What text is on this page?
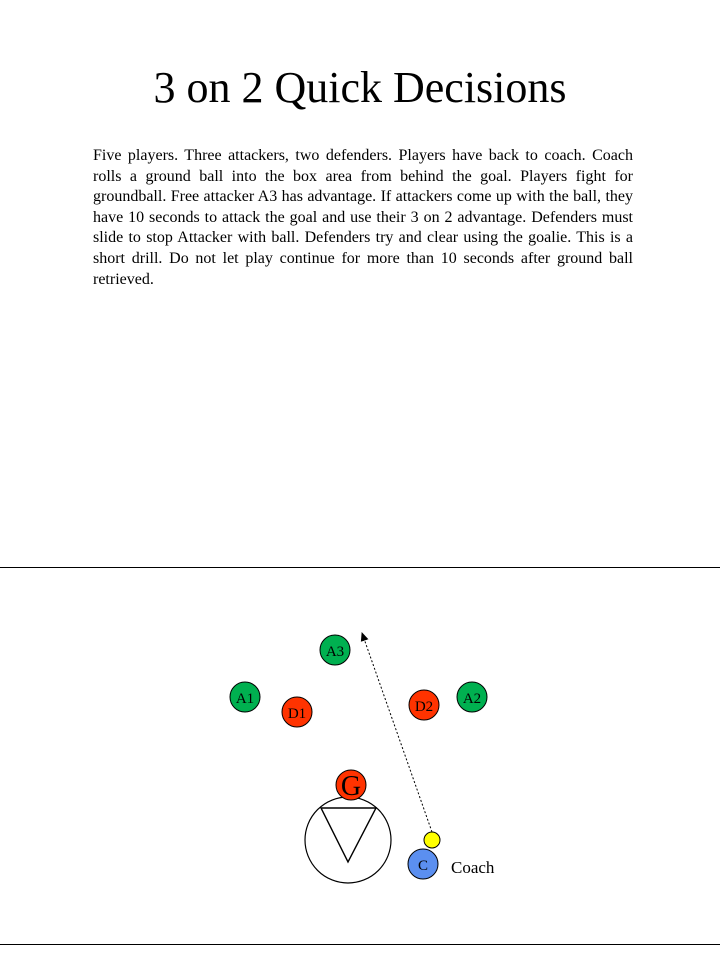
3 on 2 Quick Decisions

Five players. Three attackers, two defenders. Players have back to coach. Coach rolls a ground ball into the box area from behind the goal. Players fight for groundball. Free attacker A3 has advantage. If attackers come up with the ball, they have 10 seconds to attack the goal and use their 3 on 2 advantage. Defenders must slide to stop Attacker with ball. Defenders try and clear using the goalie. This is a short drill. Do not let play continue for more than 10 seconds after ground ball retrieved.

A3
A1	A2
D1	D2
G
C Coach
